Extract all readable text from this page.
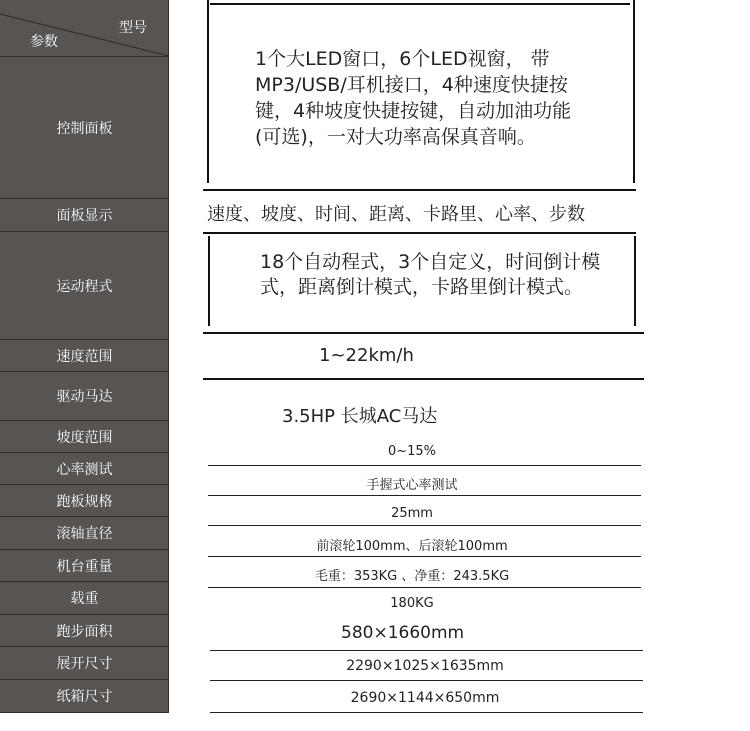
型号
参数
控制面板
面板显示
运动程式
速度范围
驱动马达
坡度范围
心率测试
跑板规格
滚轴直径
机台重量
载重
跑步面积
展开尺寸
纸箱尺寸
1个大LED窗口，6个LED视窗， 带MP3/USB/耳机接口，4种速度快捷按键，4种坡度快捷按键，自动加油功能(可选)，一对大功率高保真音响。
速度、坡度、时间、距离、卡路里、心率、步数
18个自动程式，3个自定义，时间倒计模式，距离倒计模式，卡路里倒计模式。
1~22km/h
3.5HP 长城AC马达
0~15%
手握式心率测试
25mm
前滚轮100mm、后滚轮100mm
毛重：353KG 、净重：243.5KG
180KG
580×1660mm
2290×1025×1635mm
2690×1144×650mm
